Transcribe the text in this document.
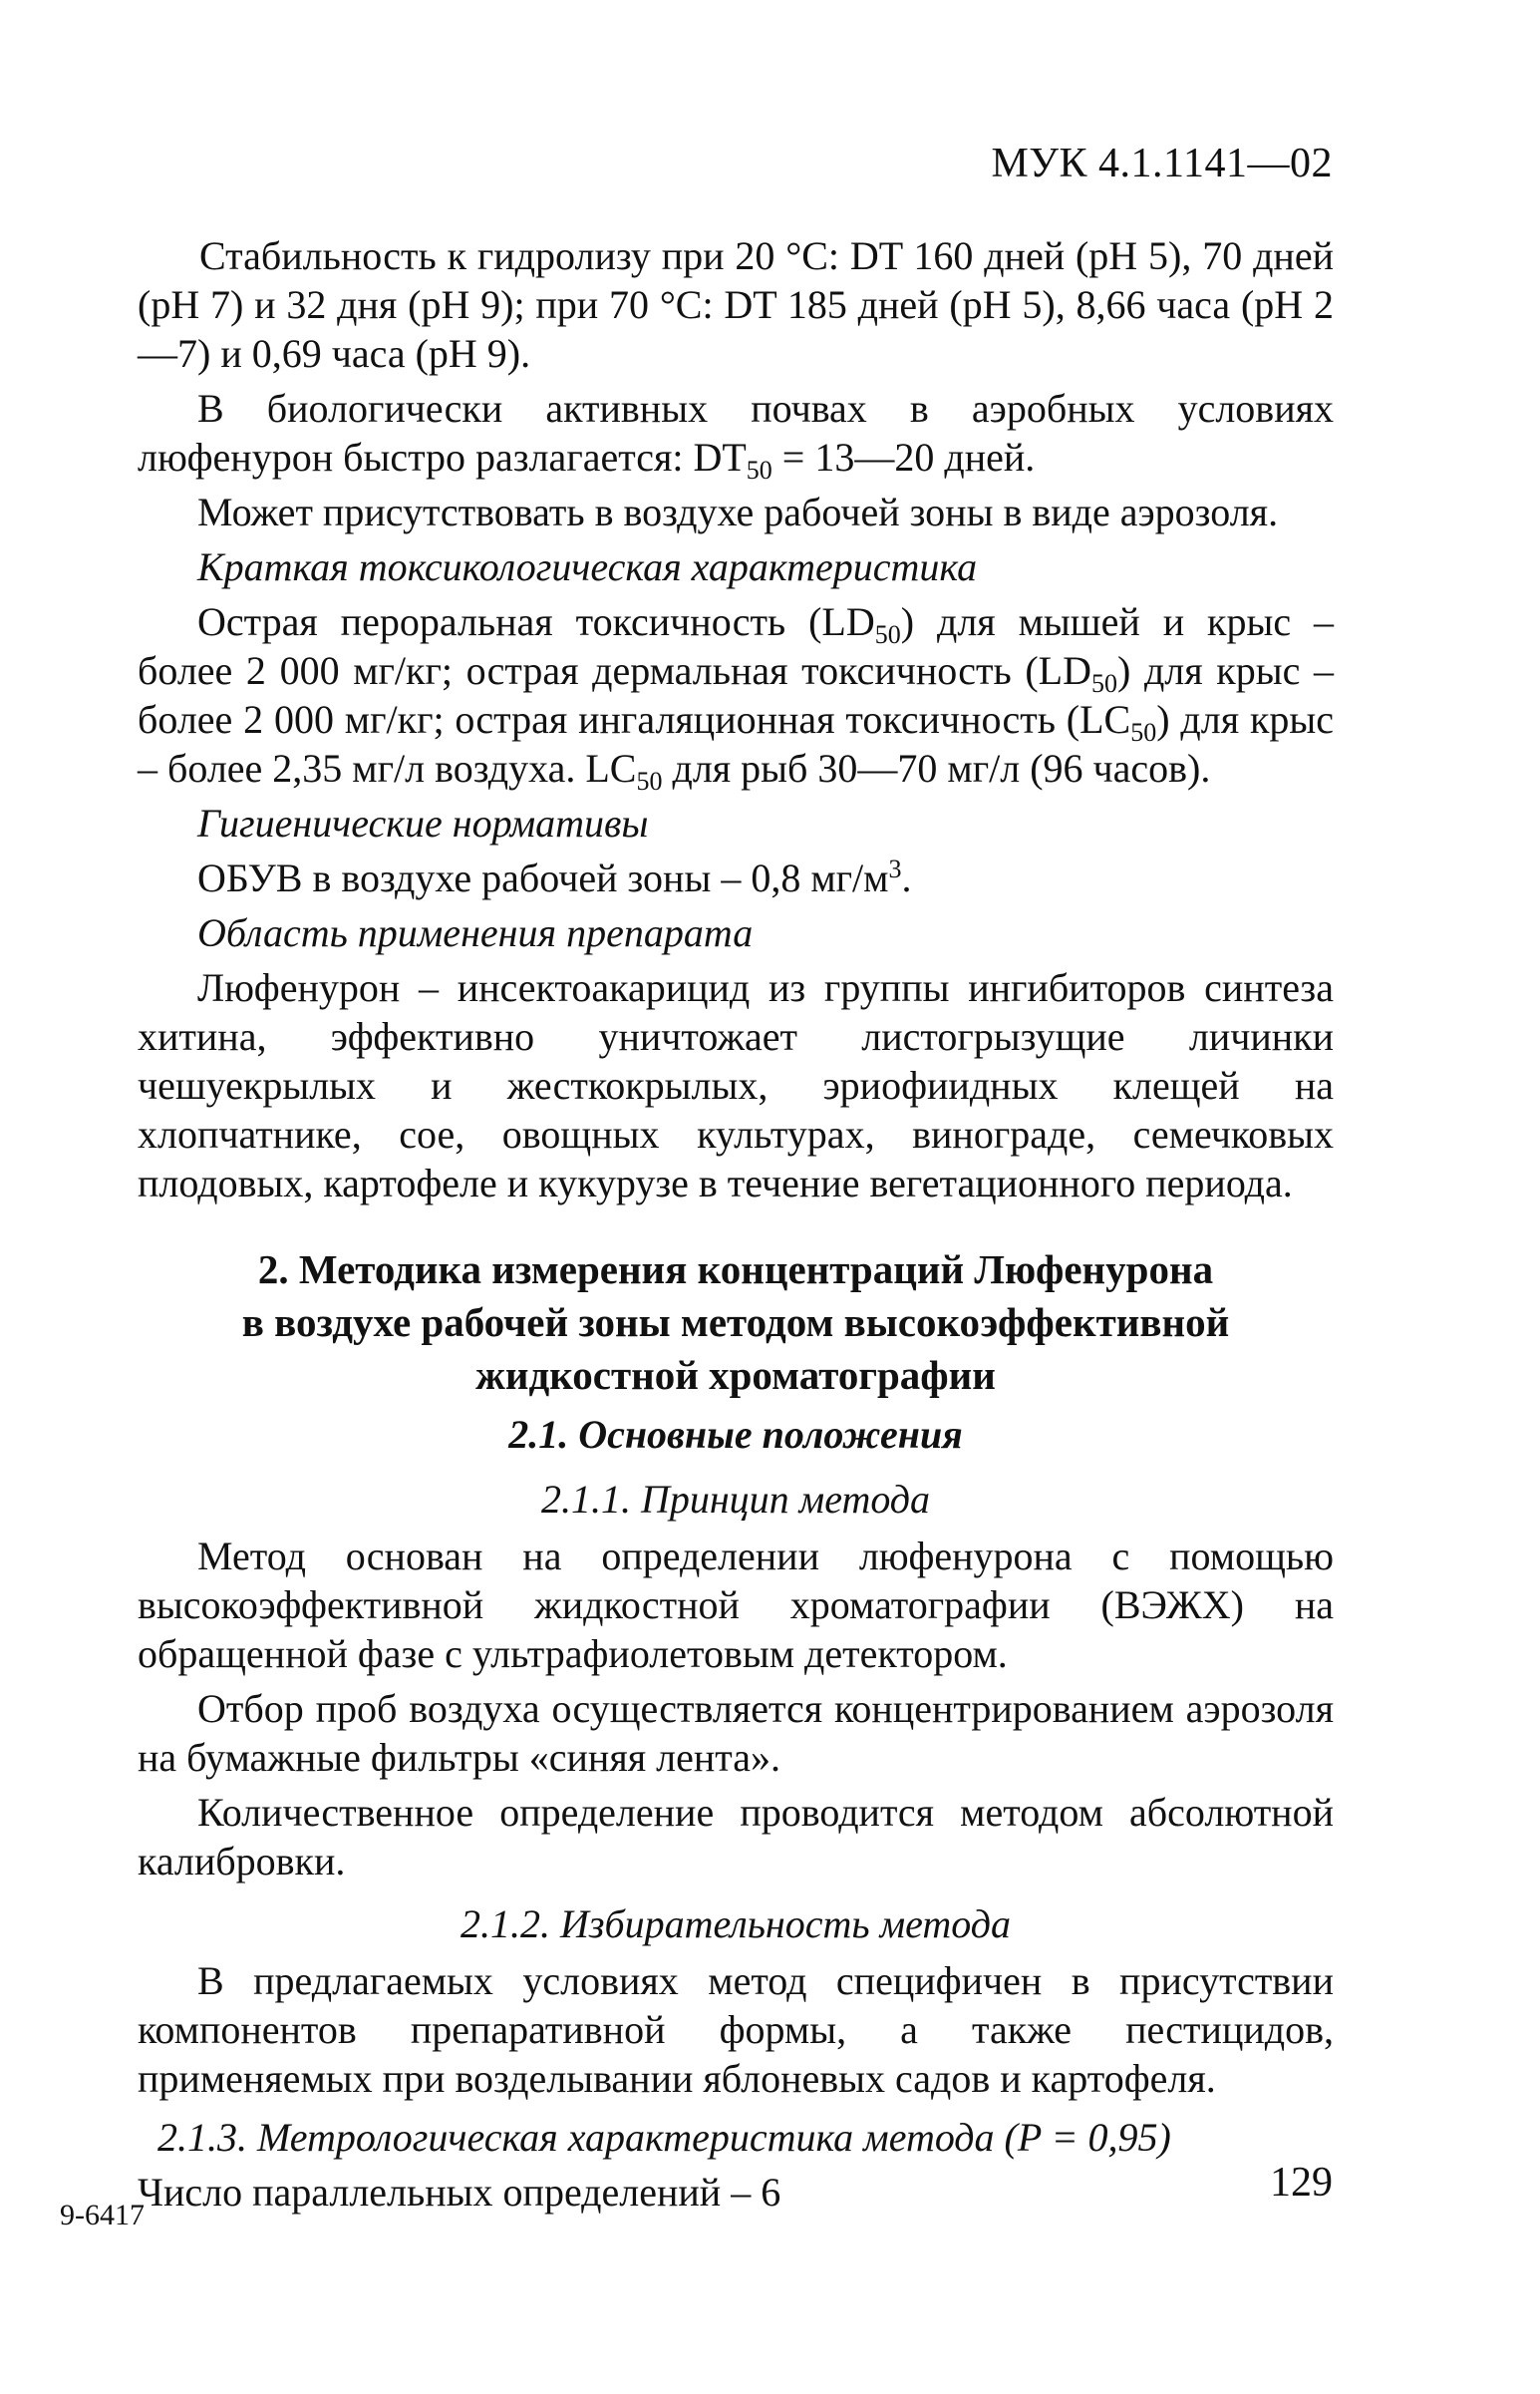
МУК 4.1.1141—02

Стабильность к гидролизу при 20 °C: DT 160 дней (pH 5), 70 дней (pH 7) и 32 дня (pH 9); при 70 °C: DT 185 дней (pH 5), 8,66 часа (pH 2—7) и 0,69 часа (pH 9).

В биологически активных почвах в аэробных условиях люфенурон быстро разлагается: $DT_{50}$ = 13—20 дней.

Может присутствовать в воздухе рабочей зоны в виде аэрозоля.

Краткая токсикологическая характеристика

Острая пероральная токсичность $(LD_{50})$ для мышей и крыс – более 2 000 мг/кг; острая дермальная токсичность $(LD_{50})$ для крыс – более 2 000 мг/кг; острая ингаляционная токсичность $(LC_{50})$ для крыс – более 2,35 мг/л воздуха. $LC_{50}$ для рыб 30—70 мг/л (96 часов).

Гигиенические нормативы

ОБУВ в воздухе рабочей зоны – 0,8 $мг/м^3$.

Область применения препарата

Люфенурон – инсектоакарицид из группы ингибиторов синтеза хитина, эффективно уничтожает листогрызущие личинки чешуекрылых и жесткокрылых, эриофиидных клещей на хлопчатнике, сое, овощных культурах, винограде, семечковых плодовых, картофеле и кукурузе в течение вегетационного периода.

2. Методика измерения концентраций Люфенурона
в воздухе рабочей зоны методом высокоэффективной
жидкостной хроматографии
2.1. Основные положения
2.1.1. Принцип метода

Метод основан на определении люфенурона с помощью высокоэффективной жидкостной хроматографии (ВЭЖХ) на обращенной фазе с ультрафиолетовым детектором.

Отбор проб воздуха осуществляется концентрированием аэрозоля на бумажные фильтры «синяя лента».

Количественное определение проводится методом абсолютной калибровки.

2.1.2. Избирательность метода

В предлагаемых условиях метод специфичен в присутствии компонентов препаративной формы, а также пестицидов, применяемых при возделывании яблоневых садов и картофеля.

2.1.3. Метрологическая характеристика метода (P = 0,95)

Число параллельных определений – 6

9-6417
129
